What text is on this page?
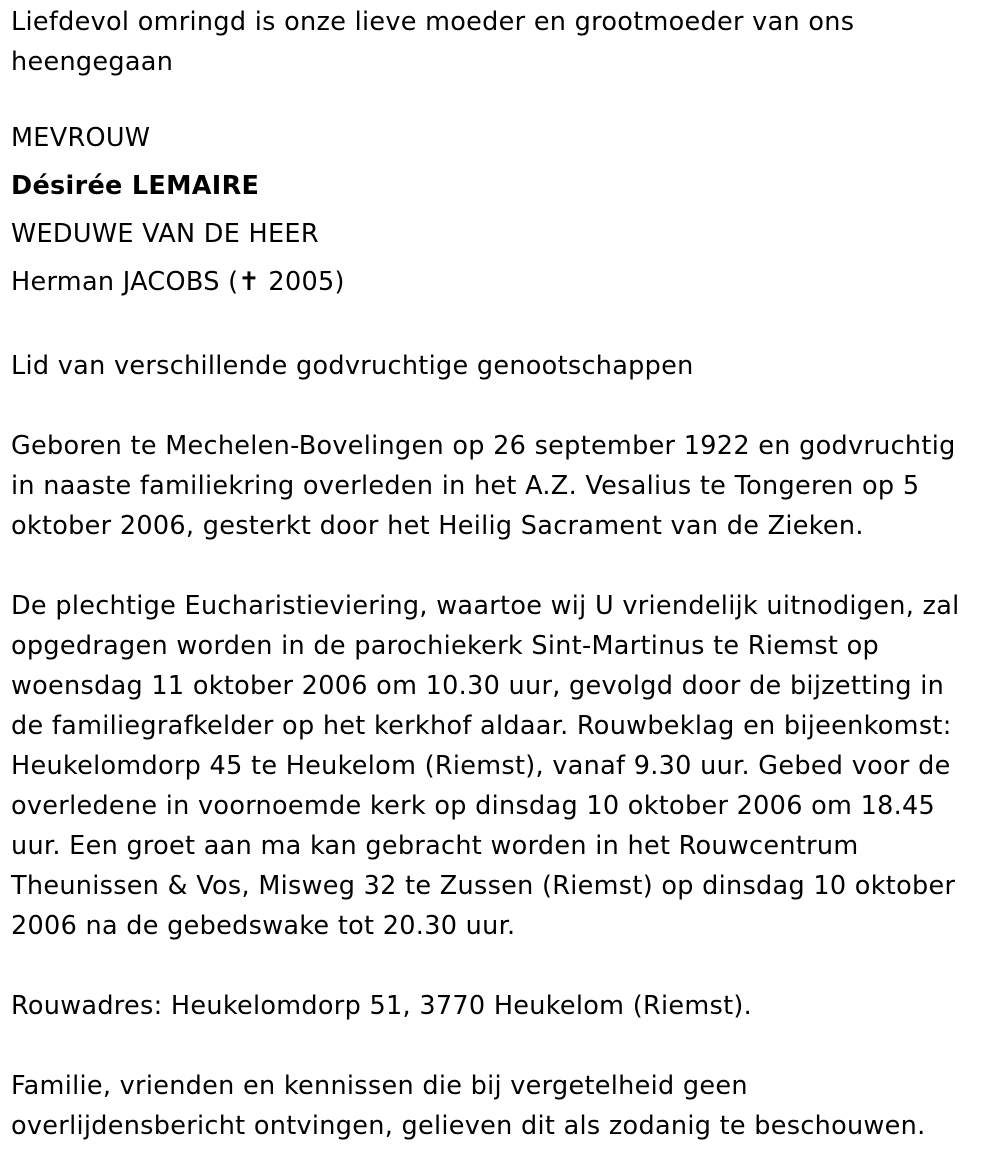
Liefdevol omringd is onze lieve moeder en grootmoeder van ons

heengegaan

MEVROUW

Désirée LEMAIRE

WEDUWE VAN DE HEER

Herman JACOBS (✝ 2005)

Lid van verschillende godvruchtige genootschappen

Geboren te Mechelen-Bovelingen op 26 september 1922 en godvruchtig

in naaste familiekring overleden in het A.Z. Vesalius te Tongeren op 5

oktober 2006, gesterkt door het Heilig Sacrament van de Zieken.

De plechtige Eucharistieviering, waartoe wij U vriendelijk uitnodigen, zal

opgedragen worden in de parochiekerk Sint-Martinus te Riemst op

woensdag 11 oktober 2006 om 10.30 uur, gevolgd door de bijzetting in

de familiegrafkelder op het kerkhof aldaar. Rouwbeklag en bijeenkomst:

Heukelomdorp 45 te Heukelom (Riemst), vanaf 9.30 uur. Gebed voor de

overledene in voornoemde kerk op dinsdag 10 oktober 2006 om 18.45

uur. Een groet aan ma kan gebracht worden in het Rouwcentrum

Theunissen & Vos, Misweg 32 te Zussen (Riemst) op dinsdag 10 oktober

2006 na de gebedswake tot 20.30 uur.

Rouwadres: Heukelomdorp 51, 3770 Heukelom (Riemst).

Familie, vrienden en kennissen die bij vergetelheid geen

overlijdensbericht ontvingen, gelieven dit als zodanig te beschouwen.
